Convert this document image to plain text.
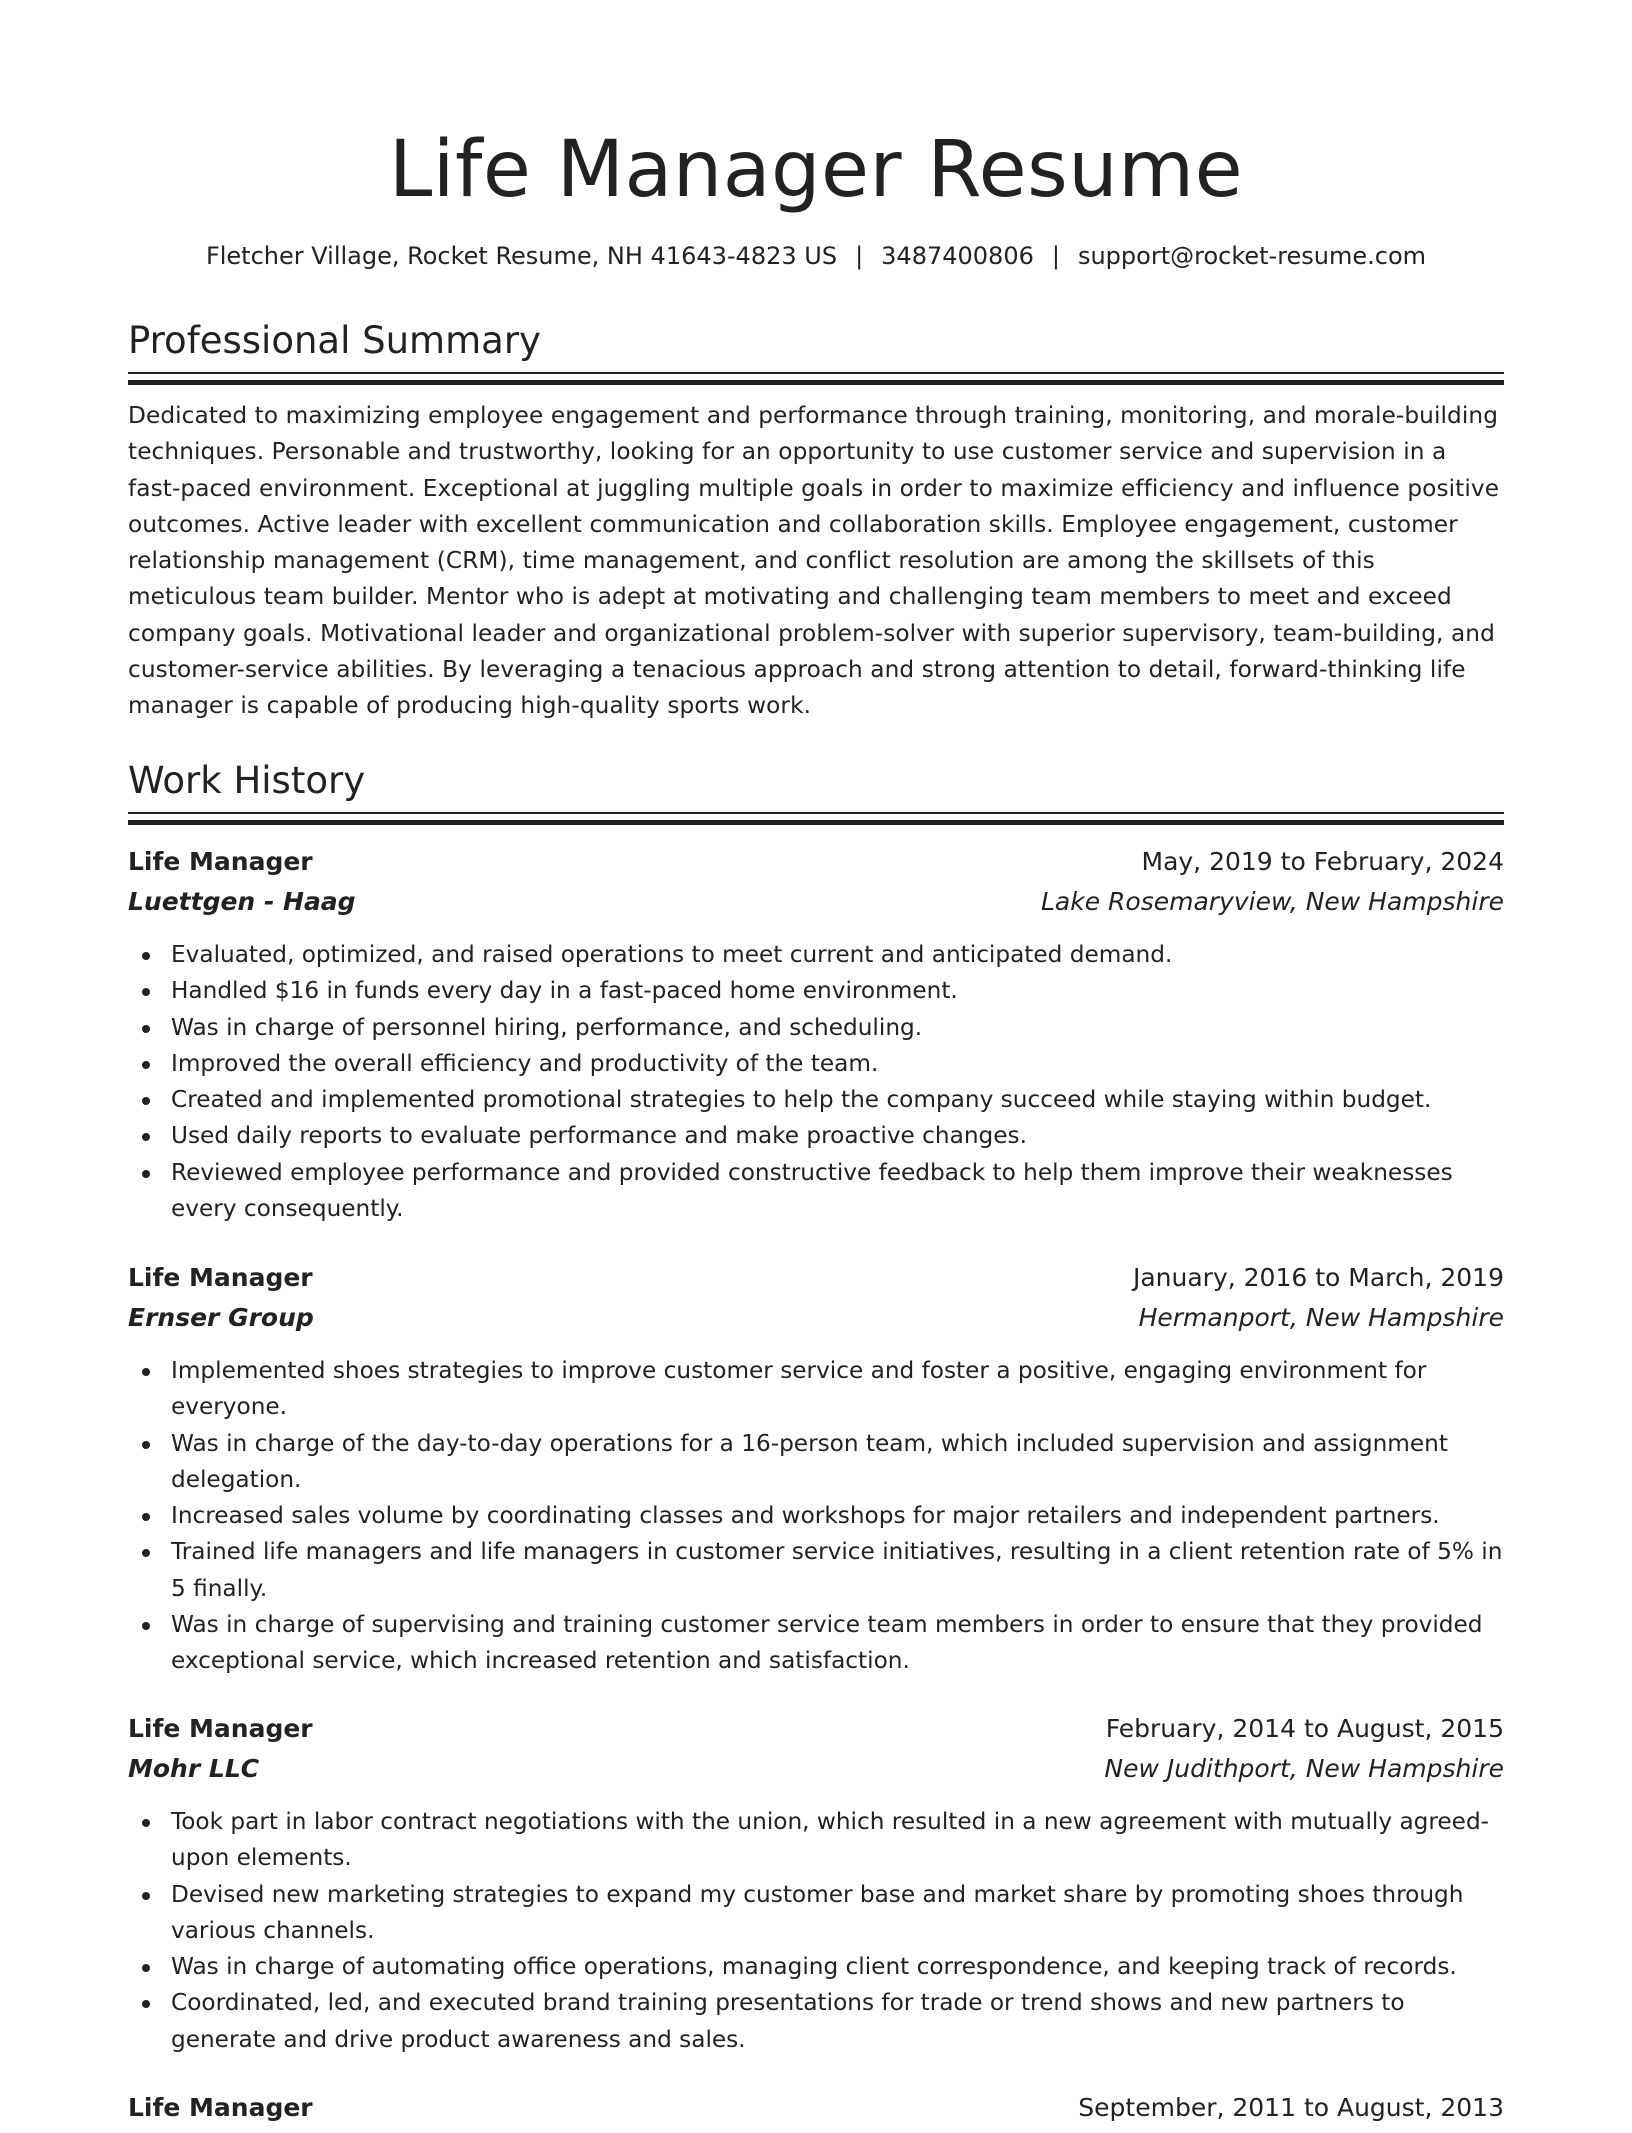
Life Manager Resume
Fletcher Village, Rocket Resume, NH 41643-4823 US | 3487400806 | support@rocket-resume.com
Professional Summary
Dedicated to maximizing employee engagement and performance through training, monitoring, and morale-building techniques. Personable and trustworthy, looking for an opportunity to use customer service and supervision in a fast-paced environment. Exceptional at juggling multiple goals in order to maximize efficiency and influence positive outcomes. Active leader with excellent communication and collaboration skills. Employee engagement, customer relationship management (CRM), time management, and conflict resolution are among the skillsets of this meticulous team builder. Mentor who is adept at motivating and challenging team members to meet and exceed company goals. Motivational leader and organizational problem-solver with superior supervisory, team-building, and customer-service abilities. By leveraging a tenacious approach and strong attention to detail, forward-thinking life manager is capable of producing high-quality sports work.
Work History
Life Manager	May, 2019 to February, 2024
Luettgen - Haag	Lake Rosemaryview, New Hampshire
Evaluated, optimized, and raised operations to meet current and anticipated demand.
Handled $16 in funds every day in a fast-paced home environment.
Was in charge of personnel hiring, performance, and scheduling.
Improved the overall efficiency and productivity of the team.
Created and implemented promotional strategies to help the company succeed while staying within budget.
Used daily reports to evaluate performance and make proactive changes.
Reviewed employee performance and provided constructive feedback to help them improve their weaknesses every consequently.
Life Manager	January, 2016 to March, 2019
Ernser Group	Hermanport, New Hampshire
Implemented shoes strategies to improve customer service and foster a positive, engaging environment for everyone.
Was in charge of the day-to-day operations for a 16-person team, which included supervision and assignment delegation.
Increased sales volume by coordinating classes and workshops for major retailers and independent partners.
Trained life managers and life managers in customer service initiatives, resulting in a client retention rate of 5% in 5 finally.
Was in charge of supervising and training customer service team members in order to ensure that they provided exceptional service, which increased retention and satisfaction.
Life Manager	February, 2014 to August, 2015
Mohr LLC	New Judithport, New Hampshire
Took part in labor contract negotiations with the union, which resulted in a new agreement with mutually agreed-upon elements.
Devised new marketing strategies to expand my customer base and market share by promoting shoes through various channels.
Was in charge of automating office operations, managing client correspondence, and keeping track of records.
Coordinated, led, and executed brand training presentations for trade or trend shows and new partners to generate and drive product awareness and sales.
Life Manager	September, 2011 to August, 2013
